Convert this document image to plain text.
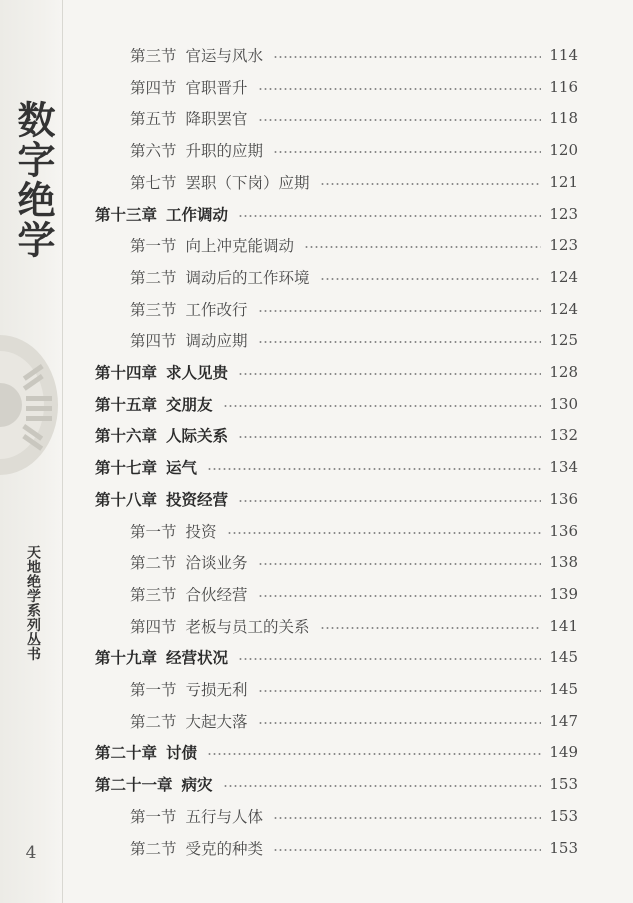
数字绝学
天地绝学系列丛书
4
第三节 官运与风水	114
第四节 官职晋升	116
第五节 降职罢官	118
第六节 升职的应期	120
第七节 罢职（下岗）应期	121
第十三章 工作调动	123
第一节 向上冲克能调动	123
第二节 调动后的工作环境	124
第三节 工作改行	124
第四节 调动应期	125
第十四章 求人见贵	128
第十五章 交朋友	130
第十六章 人际关系	132
第十七章 运气	134
第十八章 投资经营	136
第一节 投资	136
第二节 洽谈业务	138
第三节 合伙经营	139
第四节 老板与员工的关系	141
第十九章 经营状况	145
第一节 亏损无利	145
第二节 大起大落	147
第二十章 讨债	149
第二十一章 病灾	153
第一节 五行与人体	153
第二节 受克的种类	153
